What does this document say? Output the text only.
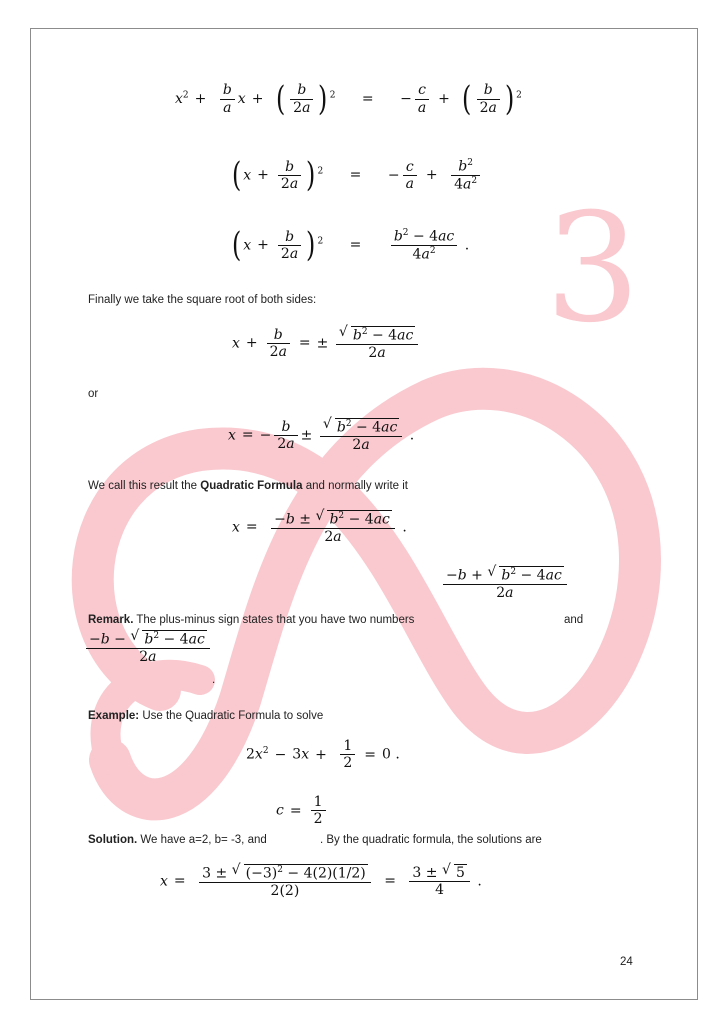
3
$x^2 + \frac{b}{a}$ x + ( $\frac{b}{2a}$ ) $^2$ = − $\frac{c}{a}$ + ( $\frac{b}{2a}$ ) $^2$
( $x + \frac{b}{2a}$ ) $^2$ = − $\frac{c}{a} + \frac{b^2}{4a^2}$
( $x + \frac{b}{2a}$ ) $^2 = \frac{b^2 - 4ac}{4a^2}$ .
Finally we take the square root of both sides:
$x + \frac{b}{2a}$ = ± √ $\frac{b^2 - 4ac}{2a}$
or
x = − $\frac{b}{2a}$ ± √ $\frac{b^2 - 4ac}{2a}$ .
We call this result the Quadratic Formula and normally write it
$x = \frac{-b \pm √ b^2 - 4ac}{2a}$ .
$\frac{-b + √ b^2 - 4ac}{2a}$
Remark. The plus-minus sign states that you have two numbers	and
$\frac{-b - √ b^2 - 4ac}{2a}$
.
Example: Use the Quadratic Formula to solve
$2x^2 - 3x + \frac{1}{2} = 0$ .
$c = \frac{1}{2}$
Solution. We have a=2, b= -3, and	. By the quadratic formula, the solutions are
$x = \frac{3 \pm √ (-3)^2 - 4(2)(1/2)}{2(2)} = \frac{3 \pm √ 5}{4}$ .
24
